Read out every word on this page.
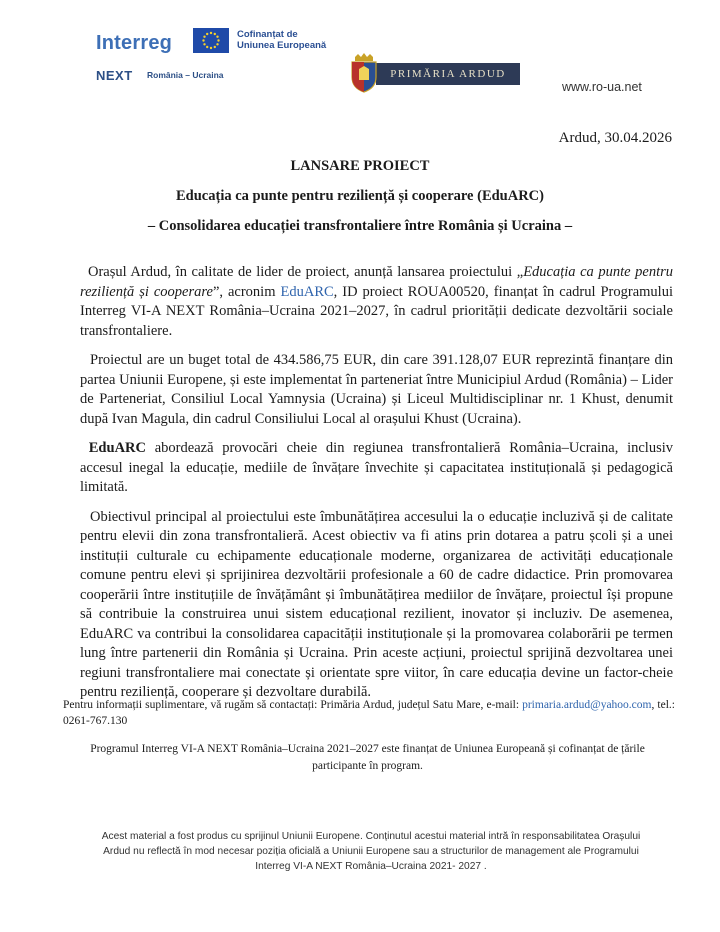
Interreg	Cofinanțat de
Uniunea Europeană
NEXT România – Ucraina	PRIMĂRIA ARDUD
www.ro-ua.net
Ardud, 30.04.2026
LANSARE PROIECT
Educația ca punte pentru reziliență și cooperare (EduARC)
– Consolidarea educației transfrontaliere între România și Ucraina –

Orașul Ardud, în calitate de lider de proiect, anunță lansarea proiectului „Educația ca punte pentru reziliență și cooperare”, acronim EduARC, ID proiect ROUA00520, finanțat în cadrul Programului Interreg VI-A NEXT România–Ucraina 2021–2027, în cadrul priorității dedicate dezvoltării sociale transfrontaliere.

Proiectul are un buget total de 434.586,75 EUR, din care 391.128,07 EUR reprezintă finanțare din partea Uniunii Europene, și este implementat în parteneriat între Municipiul Ardud (România) – Lider de Parteneriat, Consiliul Local Yamnysia (Ucraina) și Liceul Multidisciplinar nr. 1 Khust, denumit după Ivan Magula, din cadrul Consiliului Local al orașului Khust (Ucraina).

EduARC abordează provocări cheie din regiunea transfrontalieră România–Ucraina, inclusiv accesul inegal la educație, mediile de învățare învechite și capacitatea instituțională și pedagogică limitată.

Obiectivul principal al proiectului este îmbunătățirea accesului la o educație incluzivă și de calitate pentru elevii din zona transfrontalieră. Acest obiectiv va fi atins prin dotarea a patru școli și a unei instituții culturale cu echipamente educaționale moderne, organizarea de activități educaționale comune pentru elevi și sprijinirea dezvoltării profesionale a 60 de cadre didactice. Prin promovarea cooperării între instituțiile de învățământ și îmbunătățirea mediilor de învățare, proiectul își propune să contribuie la construirea unui sistem educațional rezilient, inovator și incluziv. De asemenea, EduARC va contribui la consolidarea capacității instituționale și la promovarea colaborării pe termen lung între partenerii din România și Ucraina. Prin aceste acțiuni, proiectul sprijină dezvoltarea unei regiuni transfrontaliere mai conectate și orientate spre viitor, în care educația devine un factor-cheie pentru reziliență, cooperare și dezvoltare durabilă.

Pentru informații suplimentare, vă rugăm să contactați: Primăria Ardud, județul Satu Mare, e-mail: primaria.ardud@yahoo.com, tel.: 0261-767.130
Programul Interreg VI-A NEXT România–Ucraina 2021–2027 este finanțat de Uniunea Europeană și cofinanțat de țările participante în program.
Acest material a fost produs cu sprijinul Uniunii Europene. Conținutul acestui material intră în responsabilitatea Orașului Ardud nu reflectă în mod necesar poziția oficială a Uniunii Europene sau a structurilor de management ale Programului Interreg VI-A NEXT România–Ucraina 2021- 2027 .
